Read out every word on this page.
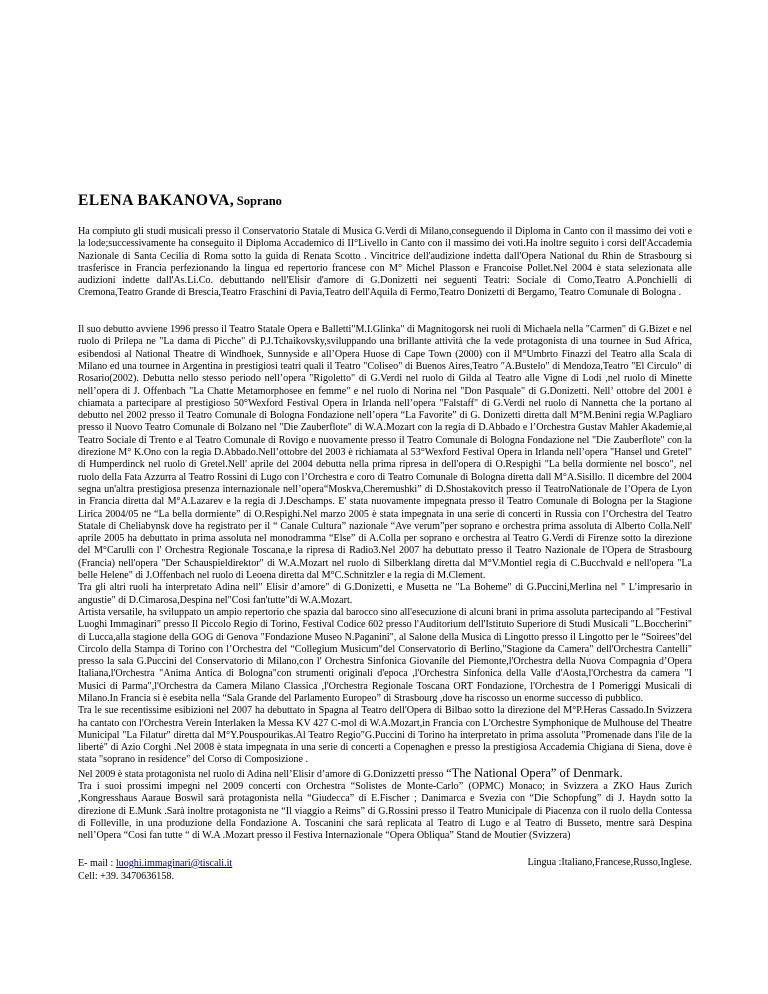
ELENA BAKANOVA, Soprano

Ha compiuto gli studi musicali presso il Conservatorio Statale di Musica G.Verdi di Milano,conseguendo il Diploma in Canto con il massimo dei voti e la lode;successivamente ha conseguito il Diploma Accademico di II°Livello in Canto con il massimo dei voti.Ha inoltre seguito i corsi dell'Accademia Nazionale di Santa Cecilia di Roma sotto la guida di Renata Scotto . Vincitrice dell'audizione indetta dall'Opera National du Rhin de Strasbourg si trasferisce in Francia perfezionando la lingua ed repertorio francese con M° Michel Plasson e Francoise Pollet.Nel 2004 è stata selezionata alle audizioni indette dall'As.Li.Co. debuttando nell'Elisir d'amore di G.Donizetti nei seguenti Teatri: Sociale di Como,Teatro A.Ponchielli di Cremona,Teatro Grande di Brescia,Teatro Fraschini di Pavia,Teatro dell'Aquila di Fermo,Teatro Donizetti di Bergamo, Teatro Comunale di Bologna .

Il suo debutto avviene 1996 presso il Teatro Statale Opera e Balletti"M.I.Glinka" di Magnitogorsk nei ruoli di Michaela nella "Carmen" di G.Bizet e nel ruolo di Prilepa ne "La dama di Picche" di P.J.Tchaikovsky,sviluppando una brillante attività che la vede protagonista di una tournee in Sud Africa, esibendosi al National Theatre di Windhoek, Sunnyside e all’Opera Huose di Cape Town (2000) con il M°Umbrto Finazzi del Teatro alla Scala di Milano ed una tournee in Argentina in prestigiosi teatri quali il Teatro "Coliseo" di Buenos Aires,Teatro "A.Bustelo" di Mendoza,Teatro "El Circulo" di Rosario(2002). Debutta nello stesso periodo nell’opera "Rigoletto" di G.Verdi nel ruolo di Gilda al Teatro alle Vigne di Lodi ,nel ruolo di Minette nell’opera di J. Offenbach "La Chatte Metamorphosee en femme" e nel ruolo di Norina nel "Don Pasquale" di G.Donizetti. Nell’ ottobre del 2001 è chiamata a partecipare al prestigioso 50°Wexford Festival Opera in Irlanda nell’opera "Falstaff" di G.Verdi nel ruolo di Nannetta che la portano al debutto nel 2002 presso il Teatro Comunale di Bologna Fondazione nell’opera “La Favorite” di G. Donizetti diretta dall M°M.Benini regia W.Pagliaro presso il Nuovo Teatro Comunale di Bolzano nel "Die Zauberflote" di W.A.Mozart con la regia di D.Abbado e l’Orchestra Gustav Mahler Akademie,al Teatro Sociale di Trento e al Teatro Comunale di Rovigo e nuovamente presso il Teatro Comunale di Bologna Fondazione nel "Die Zauberflote" con la direzione M° K.Ono con la regia D.Abbado.Nell’ottobre del 2003 è richiamata al 53°Wexford Festival Opera in Irlanda nell’opera "Hansel und Gretel" di Humperdinck nel ruolo di Gretel.Nell' aprile del 2004 debutta nella prima ripresa in dell'opera di O.Respighi "La bella dormiente nel bosco", nel ruolo della Fata Azzurra al Teatro Rossini di Lugo con l’Orchestra e coro di Teatro Comunale di Bologna diretta dall M°A.Sisillo. Il dicembre del 2004 segna un'altra prestigiosa presenza internazionale nell’opera“Moskva,Cheremushki” di D.Shostakovitch presso il TeatroNationale de l’Opera de Lyon in Francia diretta dal M°A.Lazarev e la regia di J.Deschamps. E' stata nuovamente impegnata presso il Teatro Comunale di Bologna per la Stagione Lirica 2004/05 ne “La bella dormiente” di O.Respighi.Nel marzo 2005 è stata impegnata in una serie di concerti in Russia con l’Orchestra del Teatro Statale di Cheliabynsk dove ha registrato per il “ Canale Cultura” nazionale “Ave verum”per soprano e orchestra prima assoluta di Alberto Colla.Nell' aprile 2005 ha debuttato in prima assoluta nel monodramma “Else” di A.Colla per soprano e orchestra al Teatro G.Verdi di Firenze sotto la direzione del M°Carulli con l' Orchestra Regionale Toscana,e la ripresa di Radio3.Nel 2007 ha debuttato presso il Teatro Nazionale de l'Opera de Strasbourg (Francia) nell'opera "Der Schauspieldirektor" di W.A.Mozart nel ruolo di Silberklang diretta dal M°V.Montiel regia di C.Bucchvald e nell'opera "La belle Helene" di J.Offenbach nel ruolo di Leoena diretta dal M°C.Schnitzler e la regia di M.Clement.
Tra gli altri ruoli ha interpretato Adina nell" Elisir d’amore" di G.Donizetti, e Musetta ne "La Boheme" di G.Puccini,Merlina nel " L’impresario in angustie" di D.Cimarosa,Despina nel"Cosi fan'tutte"di W.A.Mozart.
Artista versatile, ha sviluppato un ampio repertorio che spazia dal barocco sino all'esecuzione di alcuni brani in prima assoluta partecipando al "Festival Luoghi Immaginari" presso Il Piccolo Regio di Torino, Festival Codice 602 presso l'Auditorium dell'Istituto Superiore di Studi Musicali "L.Boccherini" di Lucca,alla stagione della GOG di Genova "Fondazione Museo N.Paganini", al Salone della Musica di Lingotto presso il Lingotto per le “Soirees"del Circolo della Stampa di Torino con l’Orchestra del “Collegium Musicum"del Conservatorio di Berlino,"Stagione da Camera" dell'Orchestra Cantelli" presso la sala G.Puccini del Conservatorio di Milano,con l' Orchestra Sinfonica Giovanile del Piemonte,l'Orchestra della Nuova Compagnia d’Opera Italiana,l'Orchestra "Anima Antica di Bologna"con strumenti originali d'epoca ,l'Orchestra Sinfonica della Valle d'Aosta,l'Orchestra da camera "I Musici di Parma",l'Orchestra da Camera Milano Classica ,l'Orchestra Regionale Toscana ORT Fondazione, l'Orchestra de I Pomeriggi Musicali di Milano.In Francia si è esebita nella “Sala Grande del Parlamento Europeo” di Strasbourg ,dove ha riscosso un enorme successo di pubblico.
Tra le sue recentissime esibizioni nel 2007 ha debuttato in Spagna al Teatro dell'Opera di Bilbao sotto la direzione del M°P.Heras Cassado.In Svizzera ha cantato con l'Orchestra Verein Interlaken la Messa KV 427 C-mol di W.A.Mozart,in Francia con L'Orchestre Symphonique de Mulhouse del Theatre Municipal "La Filatur" diretta dal M°Y.Pouspourikas.Al Teatro Regio"G.Puccini di Torino ha interpretato in prima assoluta "Promenade dans l'ile de la libertè" di Azio Corghi .Nel 2008 è stata impegnata in una serie di concerti a Copenaghen e presso la prestigiosa Accademia Chigiana di Siena, dove è stata "soprano in residence" del Corso di Composizione .
Nel 2009 è stata protagonista nel ruolo di Adina nell’Elisir d’amore di G.Donizzetti presso “The National Opera” of Denmark.
Tra i suoi prossimi impegni nel 2009 concerti con Orchestra “Solistes de Monte-Carlo” (OPMC) Monaco; in Svizzera a ZKO Haus Zurich ,Kongresshaus Aaraue Boswil sarà protagonista nella “Giudecca” di E.Fischer ; Danimarca e Svezia con “Die Schopfung” di J. Haydn sotto la direzione di E.Munk .Sarà inoltre protagonista ne “Il viaggio a Reims” di G.Rossini presso il Teatro Municipale di Piacenza con il ruolo della Contessa di Folleville, in una produzione della Fondazione A. Toscanini che sarà replicata al Teatro di Lugo e al Teatro di Busseto, mentre sarà Despina nell’Opera “Cosi fan tutte “ di W.A .Mozart presso il Festiva Internazionale “Opera Obliqua” Stand de Moutier (Svizzera)

E- mail : luoghi.immaginari@tiscali.it
Cell: +39. 3470636158.
Lingua :Italiano,Francese,Russo,Inglese.
